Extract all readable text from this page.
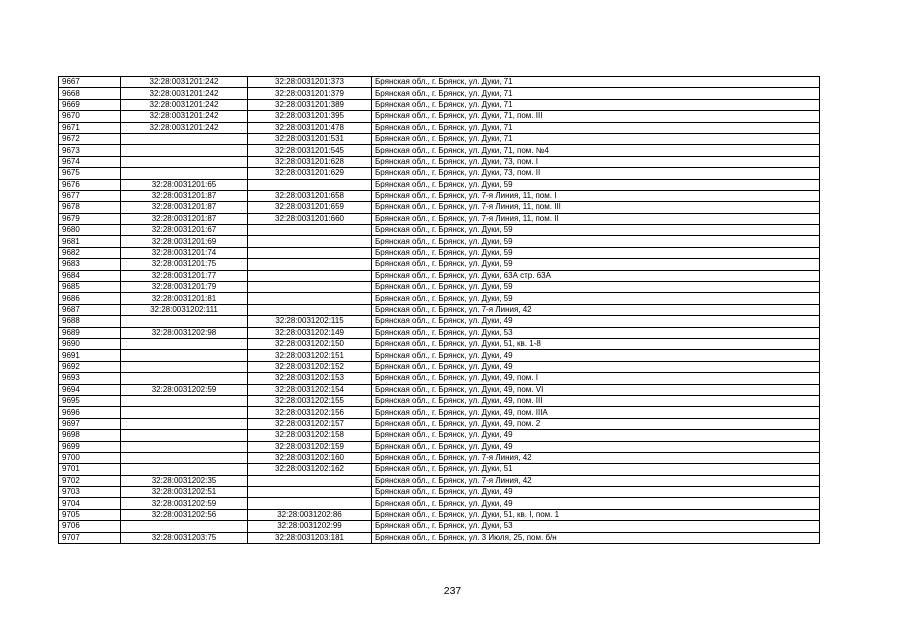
9667	32:28:0031201:242	32:28:0031201:373	Брянская обл., г. Брянск, ул. Дуки, 71
9668	32:28:0031201:242	32:28:0031201:379	Брянская обл., г. Брянск, ул. Дуки, 71
9669	32:28:0031201:242	32:28:0031201:389	Брянская обл., г. Брянск, ул. Дуки, 71
9670	32:28:0031201:242	32:28:0031201:395	Брянская обл., г. Брянск, ул. Дуки, 71, пом. III
9671	32:28:0031201:242	32:28:0031201:478	Брянская обл., г. Брянск, ул. Дуки, 71
9672		32:28:0031201:531	Брянская обл., г. Брянск, ул. Дуки, 71
9673		32:28:0031201:545	Брянская обл., г. Брянск, ул. Дуки, 71, пом. №4
9674		32:28:0031201:628	Брянская обл., г. Брянск, ул. Дуки, 73, пом. I
9675		32:28:0031201:629	Брянская обл., г. Брянск, ул. Дуки, 73, пом. II
9676	32:28:0031201:65		Брянская обл., г. Брянск, ул. Дуки, 59
9677	32:28:0031201:87	32:28:0031201:658	Брянская обл., г. Брянск, ул. 7-я Линия, 11, пом. I
9678	32:28:0031201:87	32:28:0031201:659	Брянская обл., г. Брянск, ул. 7-я Линия, 11, пом. III
9679	32:28:0031201:87	32:28:0031201:660	Брянская обл., г. Брянск, ул. 7-я Линия, 11, пом. II
9680	32:28:0031201:67		Брянская обл., г. Брянск, ул. Дуки, 59
9681	32:28:0031201:69		Брянская обл., г. Брянск, ул. Дуки, 59
9682	32:28:0031201:74		Брянская обл., г. Брянск, ул. Дуки, 59
9683	32:28:0031201:75		Брянская обл., г. Брянск, ул. Дуки, 59
9684	32:28:0031201:77		Брянская обл., г. Брянск, ул. Дуки, 63А стр. 63А
9685	32:28:0031201:79		Брянская обл., г. Брянск, ул. Дуки, 59
9686	32:28:0031201:81		Брянская обл., г. Брянск, ул. Дуки, 59
9687	32:28:0031202:111		Брянская обл., г. Брянск, ул. 7-я Линия, 42
9688		32:28:0031202:115	Брянская обл., г. Брянск, ул. Дуки, 49
9689	32:28:0031202:98	32:28:0031202:149	Брянская обл., г. Брянск, ул. Дуки, 53
9690		32:28:0031202:150	Брянская обл., г. Брянск, ул. Дуки, 51, кв. 1-8
9691		32:28:0031202:151	Брянская обл., г. Брянск, ул. Дуки, 49
9692		32:28:0031202:152	Брянская обл., г. Брянск, ул. Дуки, 49
9693		32:28:0031202:153	Брянская обл., г. Брянск, ул. Дуки, 49, пом. I
9694	32:28:0031202:59	32:28:0031202:154	Брянская обл., г. Брянск, ул. Дуки, 49, пом. VI
9695		32:28:0031202:155	Брянская обл., г. Брянск, ул. Дуки, 49, пом. III
9696		32:28:0031202:156	Брянская обл., г. Брянск, ул. Дуки, 49, пом. IIIА
9697		32:28:0031202:157	Брянская обл., г. Брянск, ул. Дуки, 49, пом. 2
9698		32:28:0031202:158	Брянская обл., г. Брянск, ул. Дуки, 49
9699		32:28:0031202:159	Брянская обл., г. Брянск, ул. Дуки, 49
9700		32:28:0031202:160	Брянская обл., г. Брянск, ул. 7-я Линия, 42
9701		32:28:0031202:162	Брянская обл., г. Брянск, ул. Дуки, 51
9702	32:28:0031202:35		Брянская обл., г. Брянск, ул. 7-я Линия, 42
9703	32:28:0031202:51		Брянская обл., г. Брянск, ул. Дуки, 49
9704	32:28:0031202:59		Брянская обл., г. Брянск, ул. Дуки, 49
9705	32:28:0031202:56	32:28:0031202:86	Брянская обл., г. Брянск, ул. Дуки, 51, кв. I, пом. 1
9706		32:28:0031202:99	Брянская обл., г. Брянск, ул. Дуки, 53
9707	32:28:0031203:75	32:28:0031203:181	Брянская обл., г. Брянск, ул. 3 Июля, 25, пом. б/н
237
